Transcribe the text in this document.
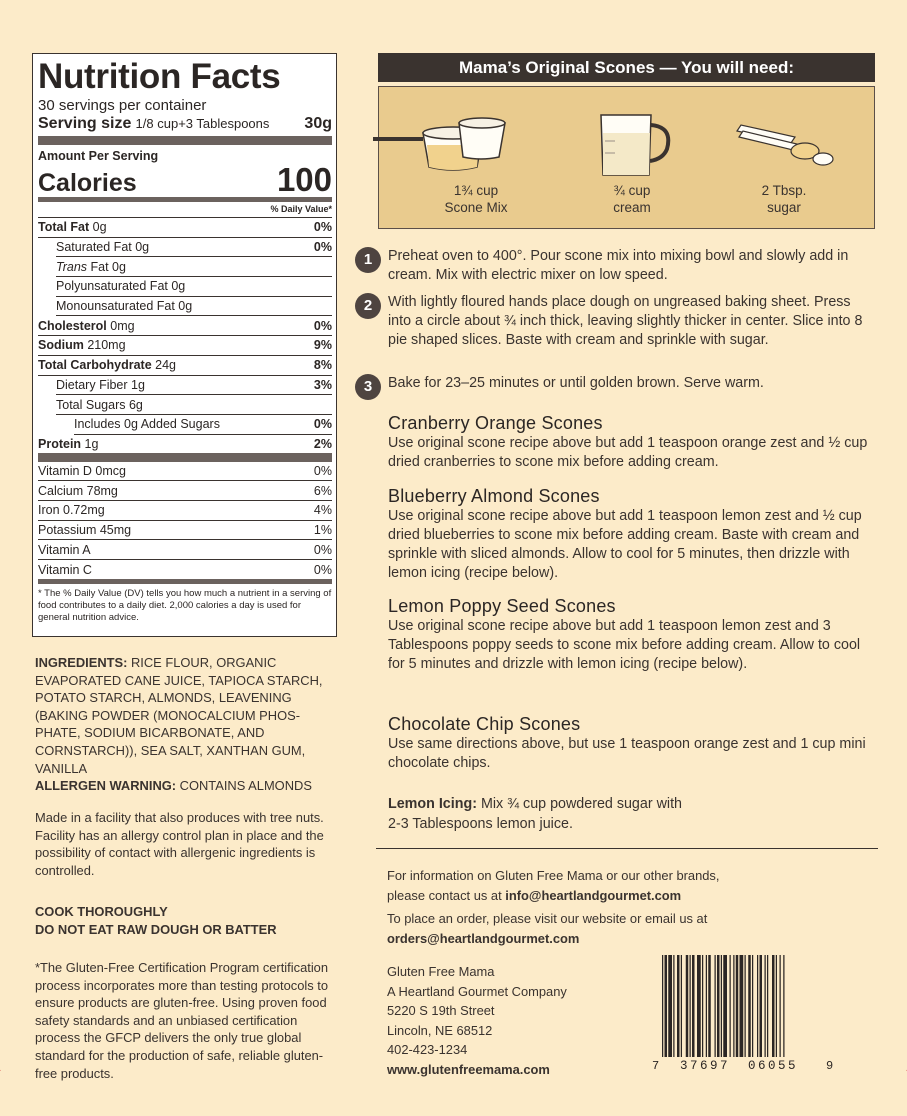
Nutrition Facts
30 servings per container
Serving size 1/8 cup+3 Tablespoons 30g
Amount Per Serving
Calories	100
% Daily Value*
Total Fat 0g	0%
Saturated Fat 0g	0%
Trans Fat 0g
Polyunsaturated Fat 0g
Monounsaturated Fat 0g
Cholesterol 0mg	0%
Sodium 210mg	9%
Total Carbohydrate 24g	8%
Dietary Fiber 1g	3%
Total Sugars 6g
Includes 0g Added Sugars	0%
Protein 1g	2%
Vitamin D 0mcg	0%
Calcium 78mg	6%
Iron 0.72mg	4%
Potassium 45mg	1%
Vitamin A	0%
Vitamin C	0%
* The % Daily Value (DV) tells you how much a nutrient in a serving of food contributes to a daily diet. 2,000 calories a day is used for general nutrition advice.
INGREDIENTS: RICE FLOUR, ORGANIC EVAPORATED CANE JUICE, TAPIOCA STARCH, POTATO STARCH, ALMONDS, LEAVENING (BAKING POWDER (MONOCALCIUM PHOS-PHATE, SODIUM BICARBONATE, AND CORNSTARCH)), SEA SALT, XANTHAN GUM, VANILLA
ALLERGEN WARNING: CONTAINS ALMONDS
Made in a facility that also produces with tree nuts. Facility has an allergy control plan in place and the possibility of contact with allergenic ingredients is controlled.
COOK THOROUGHLY
DO NOT EAT RAW DOUGH OR BATTER
*The Gluten-Free Certification Program certification process incorporates more than testing protocols to ensure products are gluten-free. Using proven food safety standards and an unbiased certification process the GFCP delivers the only true global standard for the production of safe, reliable gluten-free products.
Mama’s Original Scones — You will need:
1¾ cup
Scone Mix
¾ cup
cream
2 Tbsp.
sugar
1	Preheat oven to 400°. Pour scone mix into mixing bowl and slowly add in cream. Mix with electric mixer on low speed.
2	With lightly floured hands place dough on ungreased baking sheet. Press into a circle about ¾ inch thick, leaving slightly thicker in center. Slice into 8 pie shaped slices. Baste with cream and sprinkle with sugar.
3	Bake for 23–25 minutes or until golden brown. Serve warm.
Cranberry Orange Scones

Use original scone recipe above but add 1 teaspoon orange zest and ½ cup dried cranberries to scone mix before adding cream.

Blueberry Almond Scones

Use original scone recipe above but add 1 teaspoon lemon zest and ½ cup dried blueberries to scone mix before adding cream. Baste with cream and sprinkle with sliced almonds. Allow to cool for 5 minutes, then drizzle with lemon icing (recipe below).

Lemon Poppy Seed Scones

Use original scone recipe above but add 1 teaspoon lemon zest and 3 Tablespoons poppy seeds to scone mix before adding cream. Allow to cool for 5 minutes and drizzle with lemon icing (recipe below).

Chocolate Chip Scones

Use same directions above, but use 1 teaspoon orange zest and 1 cup mini chocolate chips.

Lemon Icing: Mix ¾ cup powdered sugar with
2-3 Tablespoons lemon juice.
For information on Gluten Free Mama or our other brands,
please contact us at info@heartlandgourmet.com
To place an order, please visit our website or email us at
orders@heartlandgourmet.com
Gluten Free Mama
A Heartland Gourmet Company
5220 S 19th Street
Lincoln, NE 68512
402-423-1234
www.glutenfreemama.com	7 37697 06055 9
